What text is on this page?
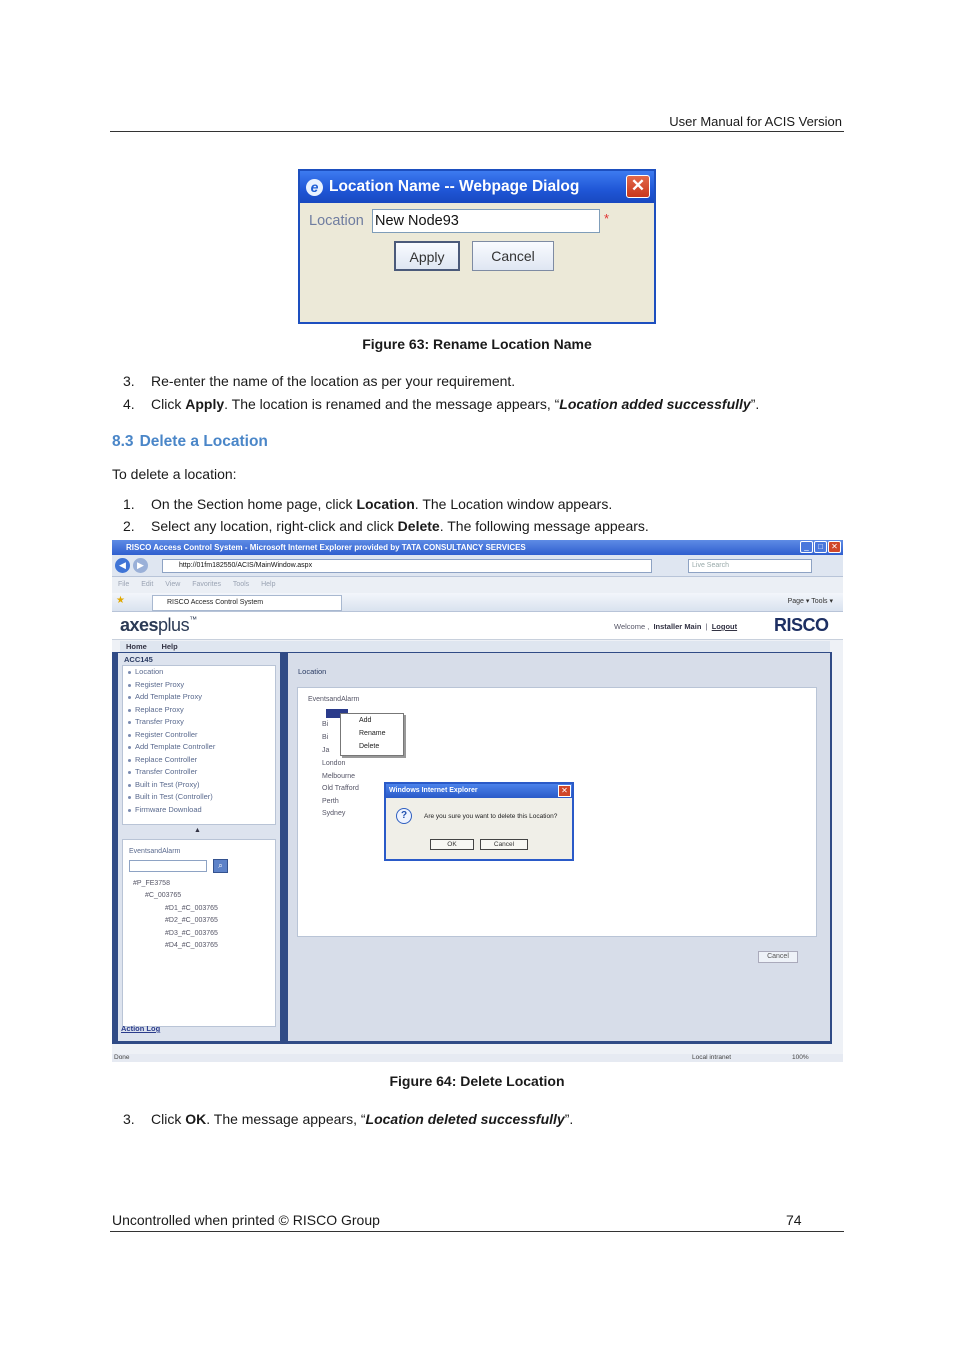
User Manual for ACIS Version
e Location Name -- Webpage Dialog	✕
Location
New Node93	*
Apply	Cancel
Figure 63: Rename Location Name
3. Re-enter the name of the location as per your requirement.
4. Click Apply. The location is renamed and the message appears, “Location added successfully”.
8.3 Delete a Location
To delete a location:
1. On the Section home page, click Location. The Location window appears.
2. Select any location, right-click and click Delete. The following message appears.
RISCO Access Control System - Microsoft Internet Explorer provided by TATA CONSULTANCY SERVICES	_	□	✕
◀	▶	http://01fm182550/ACIS/MainWindow.aspx	Live Search
File Edit View Favorites Tools Help
★	RISCO Access Control System	Page ▾ Tools ▾
axesplus™
Welcome , Installer Main | Logout RISCO
Home Help
ACC145
Location
Register Proxy
Add Template Proxy
Replace Proxy
Transfer Proxy
Register Controller
Add Template Controller
Replace Controller
Transfer Controller
Built in Test (Proxy)
Built in Test (Controller)
Firmware Download
▲
EventsandAlarm
⌕
#P_FE3758
#C_003765
#D1_#C_003765
#D2_#C_003765
#D3_#C_003765
#D4_#C_003765
Action Log
Location
EventsandAlarm
Bi
Bi
Ja
London
Melbourne
Old Trafford
Perth
Sydney
Cancel
Add
Rename
Delete
Windows Internet Explorer	✕
?	Are you sure you want to delete this Location?
OK	Cancel
Done	Local intranet	100%
Figure 64: Delete Location
3. Click OK. The message appears, “Location deleted successfully”.
Uncontrolled when printed © RISCO Group	74
